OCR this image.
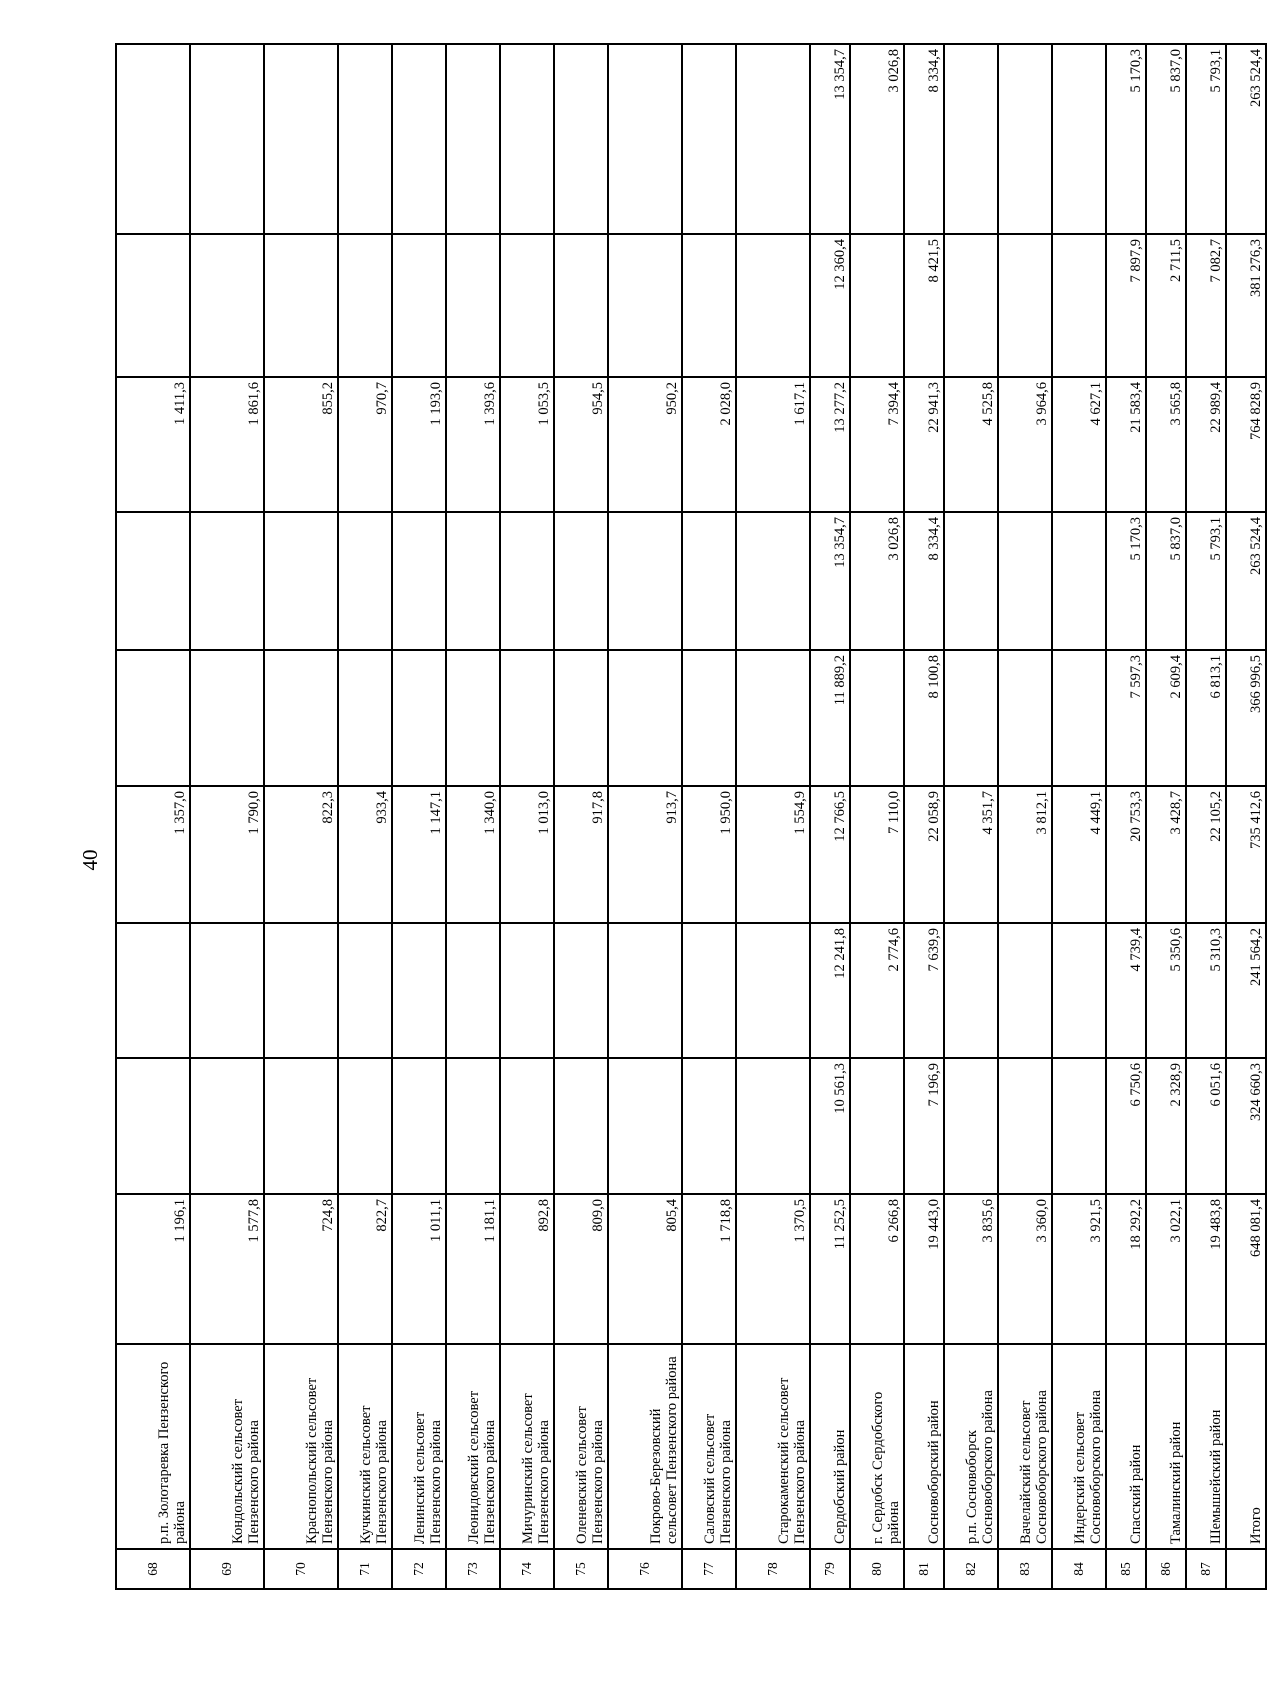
40
68	р.п. Золотаревка Пензенского района	1 196,1			1 357,0			1 411,3		
69	Кондольский сельсовет Пензенского района	1 577,8			1 790,0			1 861,6		
70	Краснопольский сельсовет Пензенского района	724,8			822,3			855,2		
71	Кучкинский сельсовет Пензенского района	822,7			933,4			970,7		
72	Ленинский сельсовет Пензенского района	1 011,1			1 147,1			1 193,0		
73	Леонидовский сельсовет Пензенского района	1 181,1			1 340,0			1 393,6		
74	Мичуринский сельсовет Пензенского района	892,8			1 013,0			1 053,5		
75	Оленевский сельсовет Пензенского района	809,0			917,8			954,5		
76	Покрово-Березовский сельсовет Пензенского района	805,4			913,7			950,2		
77	Саловский сельсовет Пензенского района	1 718,8			1 950,0			2 028,0		
78	Старокаменский сельсовет Пензенского района	1 370,5			1 554,9			1 617,1		
79	Сердобский район	11 252,5	10 561,3	12 241,8	12 766,5	11 889,2	13 354,7	13 277,2	12 360,4	13 354,7
80	г. Сердобск Сердобского района	6 266,8		2 774,6	7 110,0		3 026,8	7 394,4		3 026,8
81	Сосновоборский район	19 443,0	7 196,9	7 639,9	22 058,9	8 100,8	8 334,4	22 941,3	8 421,5	8 334,4
82	р.п. Сосновоборск Сосновоборского района	3 835,6			4 351,7			4 525,8		
83	Вачелайский сельсовет Сосновоборского района	3 360,0			3 812,1			3 964,6		
84	Индерский сельсовет Сосновоборского района	3 921,5			4 449,1			4 627,1		
85	Спасский район	18 292,2	6 750,6	4 739,4	20 753,3	7 597,3	5 170,3	21 583,4	7 897,9	5 170,3
86	Тамалинский район	3 022,1	2 328,9	5 350,6	3 428,7	2 609,4	5 837,0	3 565,8	2 711,5	5 837,0
87	Шемышейский район	19 483,8	6 051,6	5 310,3	22 105,2	6 813,1	5 793,1	22 989,4	7 082,7	5 793,1
	Итого	648 081,4	324 660,3	241 564,2	735 412,6	366 996,5	263 524,4	764 828,9	381 276,3	263 524,4
